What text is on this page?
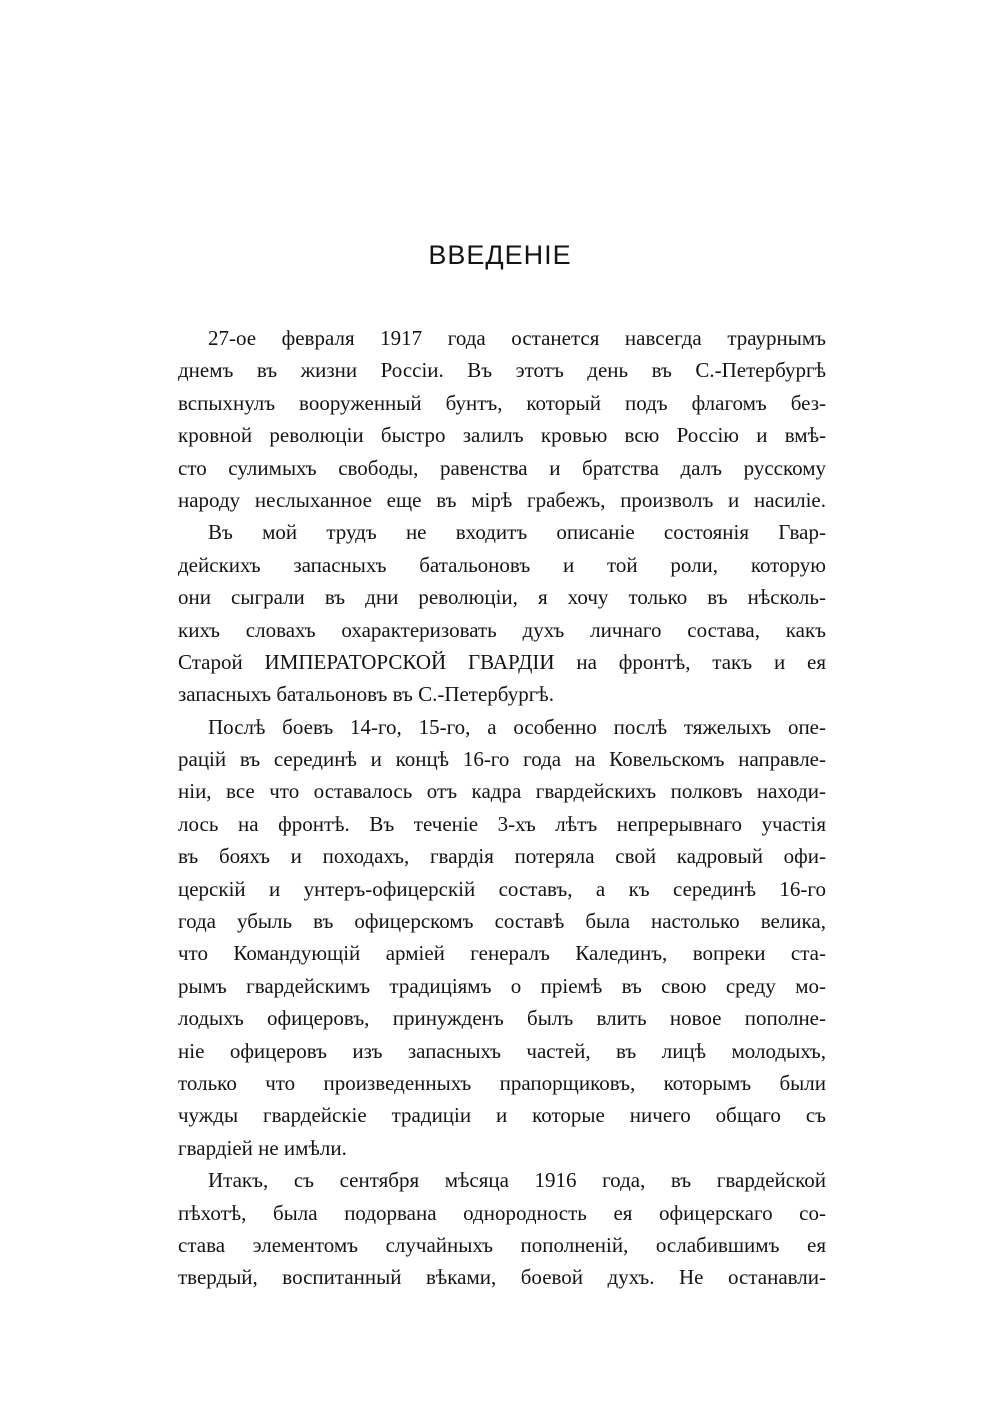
ВВЕДЕНІЕ
27-ое февраля 1917 года останется навсегда траурнымъ
днемъ въ жизни Россіи. Въ этотъ день въ С.-Петербургѣ
вспыхнулъ вооруженный бунтъ, который подъ флагомъ без-
кровной революціи быстро залилъ кровью всю Россію и вмѣ-
сто сулимыхъ свободы, равенства и братства далъ русскому
народу неслыханное еще въ мірѣ грабежъ, произволъ и насиліе.
Въ мой трудъ не входитъ описаніе состоянія Гвар-
дейскихъ запасныхъ батальоновъ и той роли, которую
они сыграли въ дни революціи, я хочу только въ нѣсколь-
кихъ словахъ охарактеризовать духъ личнаго состава, какъ
Старой ИМПЕРАТОРСКОЙ ГВАРДІИ на фронтѣ, такъ и ея
запасныхъ батальоновъ въ С.-Петербургѣ.
Послѣ боевъ 14-го, 15-го, а особенно послѣ тяжелыхъ опе-
рацій въ серединѣ и концѣ 16-го года на Ковельскомъ направле-
ніи, все что оставалось отъ кадра гвардейскихъ полковъ находи-
лось на фронтѣ. Въ теченіе 3-хъ лѣтъ непрерывнаго участія
въ бояхъ и походахъ, гвардія потеряла свой кадровый офи-
церскій и унтеръ-офицерскій составъ, а къ серединѣ 16-го
года убыль въ офицерскомъ составѣ была настолько велика,
что Командующій арміей генералъ Калединъ, вопреки ста-
рымъ гвардейскимъ традиціямъ о пріемѣ въ свою среду мо-
лодыхъ офицеровъ, принужденъ былъ влить новое пополне-
ніе офицеровъ изъ запасныхъ частей, въ лицѣ молодыхъ,
только что произведенныхъ прапорщиковъ, которымъ были
чужды гвардейскіе традиціи и которые ничего общаго съ
гвардіей не имѣли.
Итакъ, съ сентября мѣсяца 1916 года, въ гвардейской
пѣхотѣ, была подорвана однородность ея офицерскаго со-
става элементомъ случайныхъ пополненій, ослабившимъ ея
твердый, воспитанный вѣками, боевой духъ. Не останавли-
